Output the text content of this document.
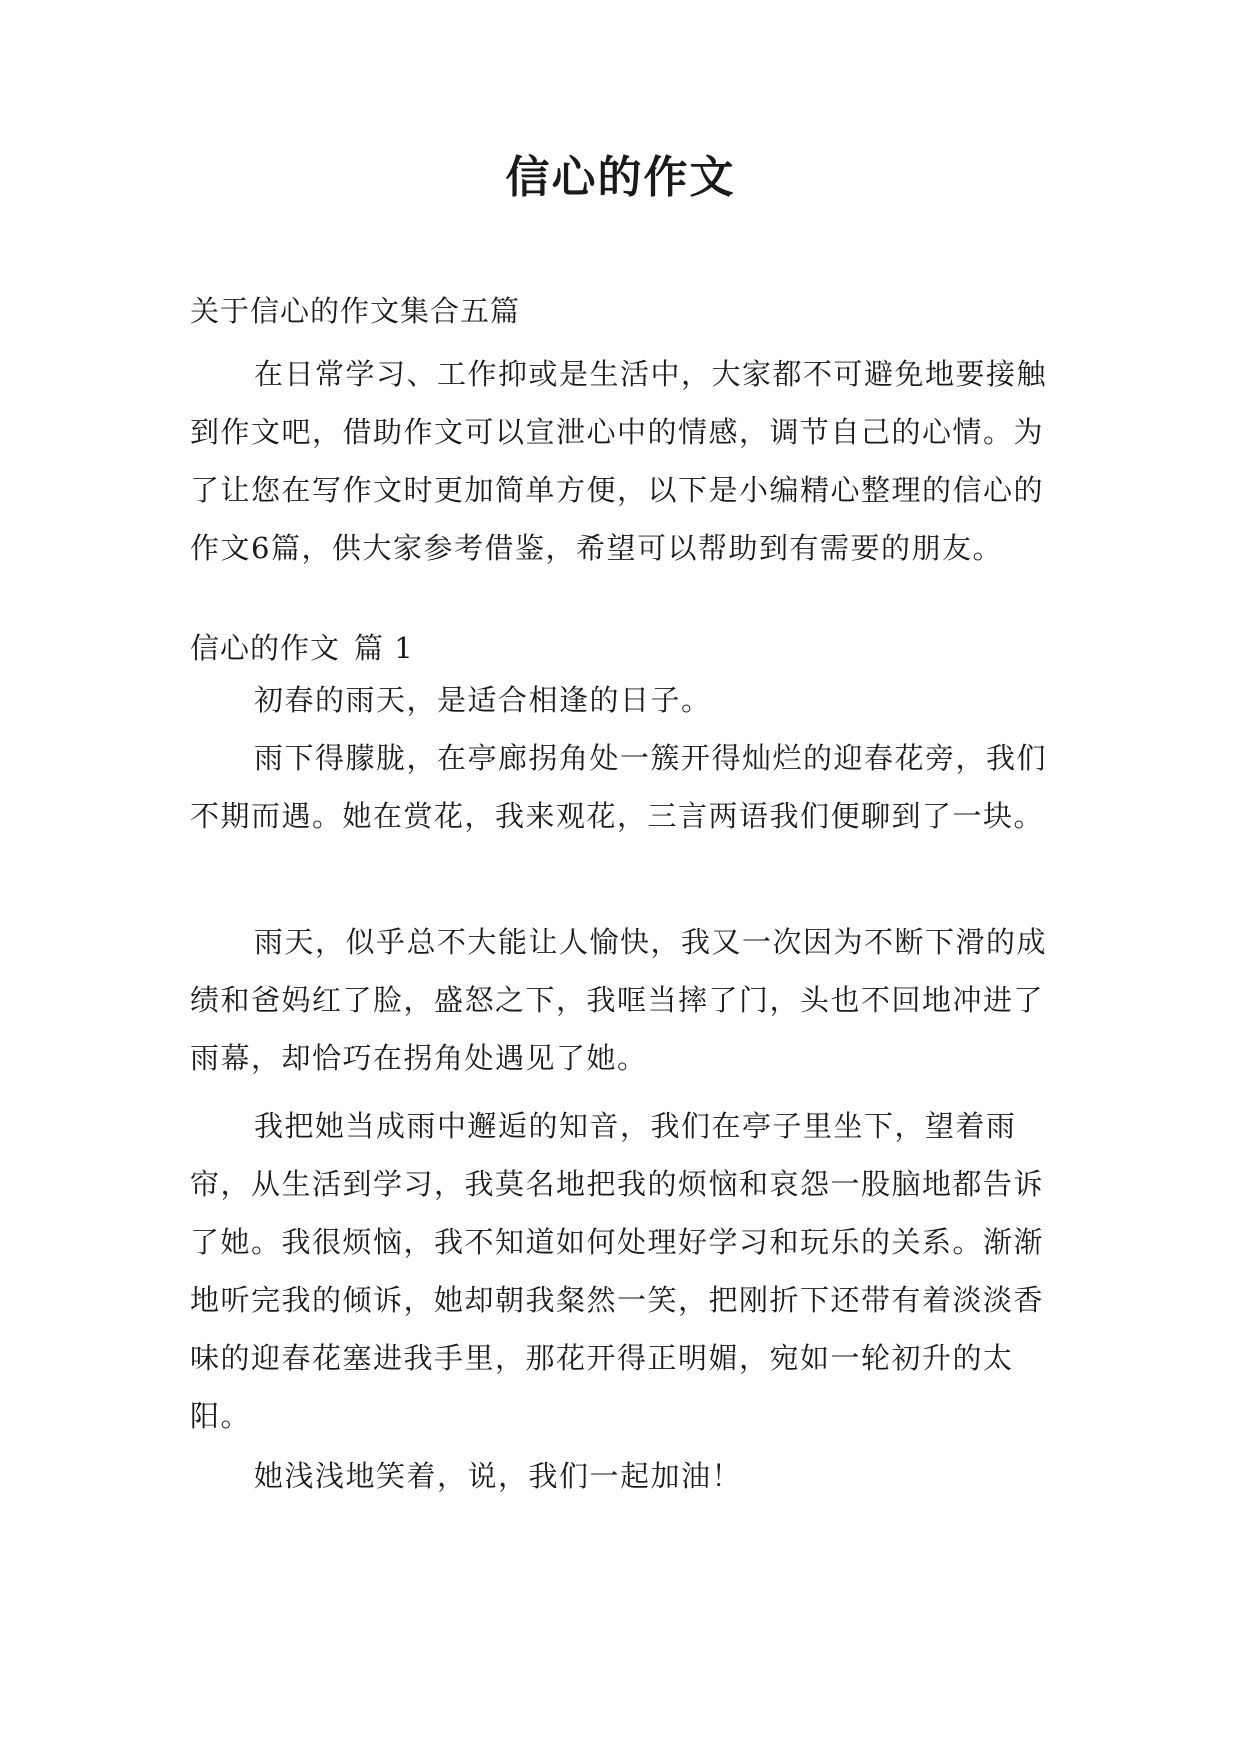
信心的作文
关于信心的作文集合五篇
在日常学习、工作抑或是生活中，大家都不可避免地要接触到作文吧，借助作文可以宣泄心中的情感，调节自己的心情。为了让您在写作文时更加简单方便，以下是小编精心整理的信心的作文6篇，供大家参考借鉴，希望可以帮助到有需要的朋友。
信心的作文 篇 1
初春的雨天，是适合相逢的日子。
雨下得朦胧，在亭廊拐角处一簇开得灿烂的迎春花旁，我们不期而遇。她在赏花，我来观花，三言两语我们便聊到了一块。
雨天，似乎总不大能让人愉快，我又一次因为不断下滑的成绩和爸妈红了脸，盛怒之下，我哐当摔了门，头也不回地冲进了雨幕，却恰巧在拐角处遇见了她。
我把她当成雨中邂逅的知音，我们在亭子里坐下，望着雨帘，从生活到学习，我莫名地把我的烦恼和哀怨一股脑地都告诉了她。我很烦恼，我不知道如何处理好学习和玩乐的关系。渐渐地听完我的倾诉，她却朝我粲然一笑，把刚折下还带有着淡淡香味的迎春花塞进我手里，那花开得正明媚，宛如一轮初升的太阳。
她浅浅地笑着，说，我们一起加油！
